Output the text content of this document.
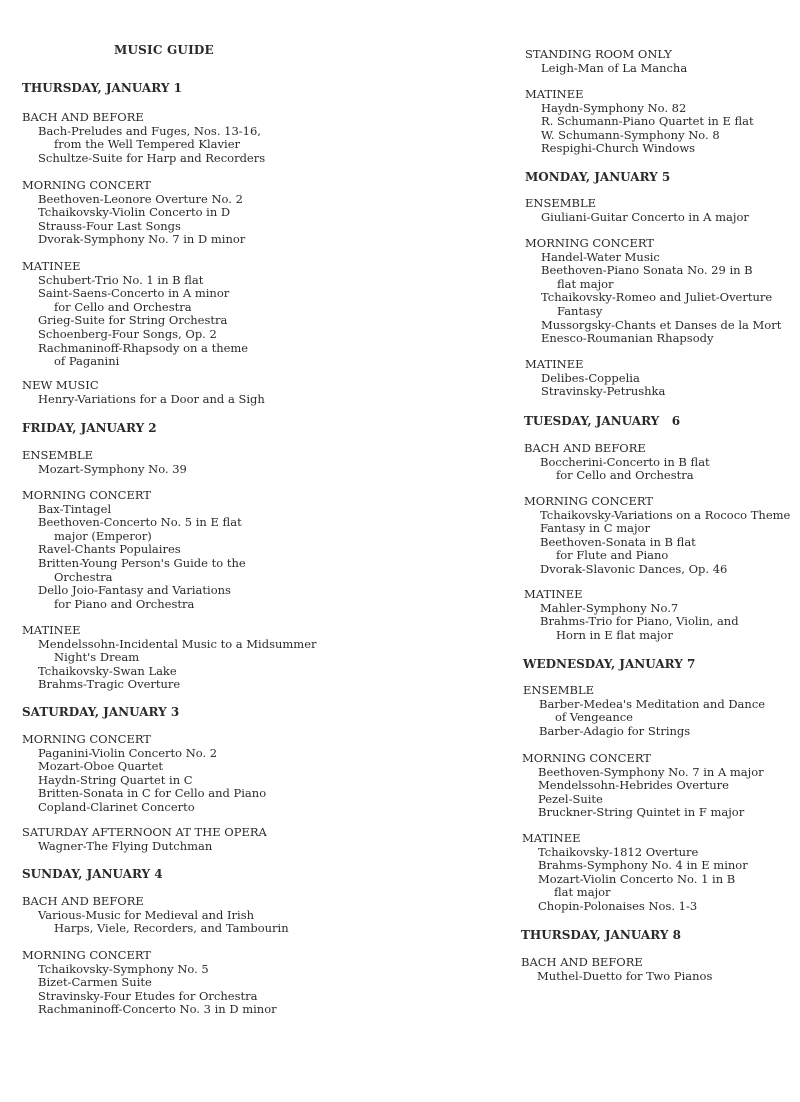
MUSIC GUIDE
THURSDAY, JANUARY 1
BACH AND BEFORE
Bach-Preludes and Fuges, Nos. 13-16,
from the Well Tempered Klavier
Schultze-Suite for Harp and Recorders
MORNING CONCERT
Beethoven-Leonore Overture No. 2
Tchaikovsky-Violin Concerto in D
Strauss-Four Last Songs
Dvorak-Symphony No. 7 in D minor
MATINEE
Schubert-Trio No. 1 in B flat
Saint-Saens-Concerto in A minor
for Cello and Orchestra
Grieg-Suite for String Orchestra
Schoenberg-Four Songs, Op. 2
Rachmaninoff-Rhapsody on a theme
of Paganini
NEW MUSIC
Henry-Variations for a Door and a Sigh
FRIDAY, JANUARY 2
ENSEMBLE
Mozart-Symphony No. 39
MORNING CONCERT
Bax-Tintagel
Beethoven-Concerto No. 5 in E flat
major (Emperor)
Ravel-Chants Populaires
Britten-Young Person's Guide to the
Orchestra
Dello Joio-Fantasy and Variations
for Piano and Orchestra
MATINEE
Mendelssohn-Incidental Music to a Midsummer
Night's Dream
Tchaikovsky-Swan Lake
Brahms-Tragic Overture
SATURDAY, JANUARY 3
MORNING CONCERT
Paganini-Violin Concerto No. 2
Mozart-Oboe Quartet
Haydn-String Quartet in C
Britten-Sonata in C for Cello and Piano
Copland-Clarinet Concerto
SATURDAY AFTERNOON AT THE OPERA
Wagner-The Flying Dutchman
SUNDAY, JANUARY 4
BACH AND BEFORE
Various-Music for Medieval and Irish
Harps, Viele, Recorders, and Tambourin
MORNING CONCERT
Tchaikovsky-Symphony No. 5
Bizet-Carmen Suite
Stravinsky-Four Etudes for Orchestra
Rachmaninoff-Concerto No. 3 in D minor
STANDING ROOM ONLY
Leigh-Man of La Mancha
MATINEE
Haydn-Symphony No. 82
R. Schumann-Piano Quartet in E flat
W. Schumann-Symphony No. 8
Respighi-Church Windows
MONDAY, JANUARY 5
ENSEMBLE
Giuliani-Guitar Concerto in A major
MORNING CONCERT
Handel-Water Music
Beethoven-Piano Sonata No. 29 in B
flat major
Tchaikovsky-Romeo and Juliet-Overture
Fantasy
Mussorgsky-Chants et Danses de la Mort
Enesco-Roumanian Rhapsody
MATINEE
Delibes-Coppelia
Stravinsky-Petrushka
TUESDAY, JANUARY   6
BACH AND BEFORE
Boccherini-Concerto in B flat
for Cello and Orchestra
MORNING CONCERT
Tchaikovsky-Variations on a Rococo Theme
Fantasy in C major
Beethoven-Sonata in B flat
for Flute and Piano
Dvorak-Slavonic Dances, Op. 46
MATINEE
Mahler-Symphony No.7
Brahms-Trio for Piano, Violin, and
Horn in E flat major
WEDNESDAY, JANUARY 7
ENSEMBLE
Barber-Medea's Meditation and Dance
of Vengeance
Barber-Adagio for Strings
MORNING CONCERT
Beethoven-Symphony No. 7 in A major
Mendelssohn-Hebrides Overture
Pezel-Suite
Bruckner-String Quintet in F major
MATINEE
Tchaikovsky-1812 Overture
Brahms-Symphony No. 4 in E minor
Mozart-Violin Concerto No. 1 in B
flat major
Chopin-Polonaises Nos. 1-3
THURSDAY, JANUARY 8
BACH AND BEFORE
Muthel-Duetto for Two Pianos
